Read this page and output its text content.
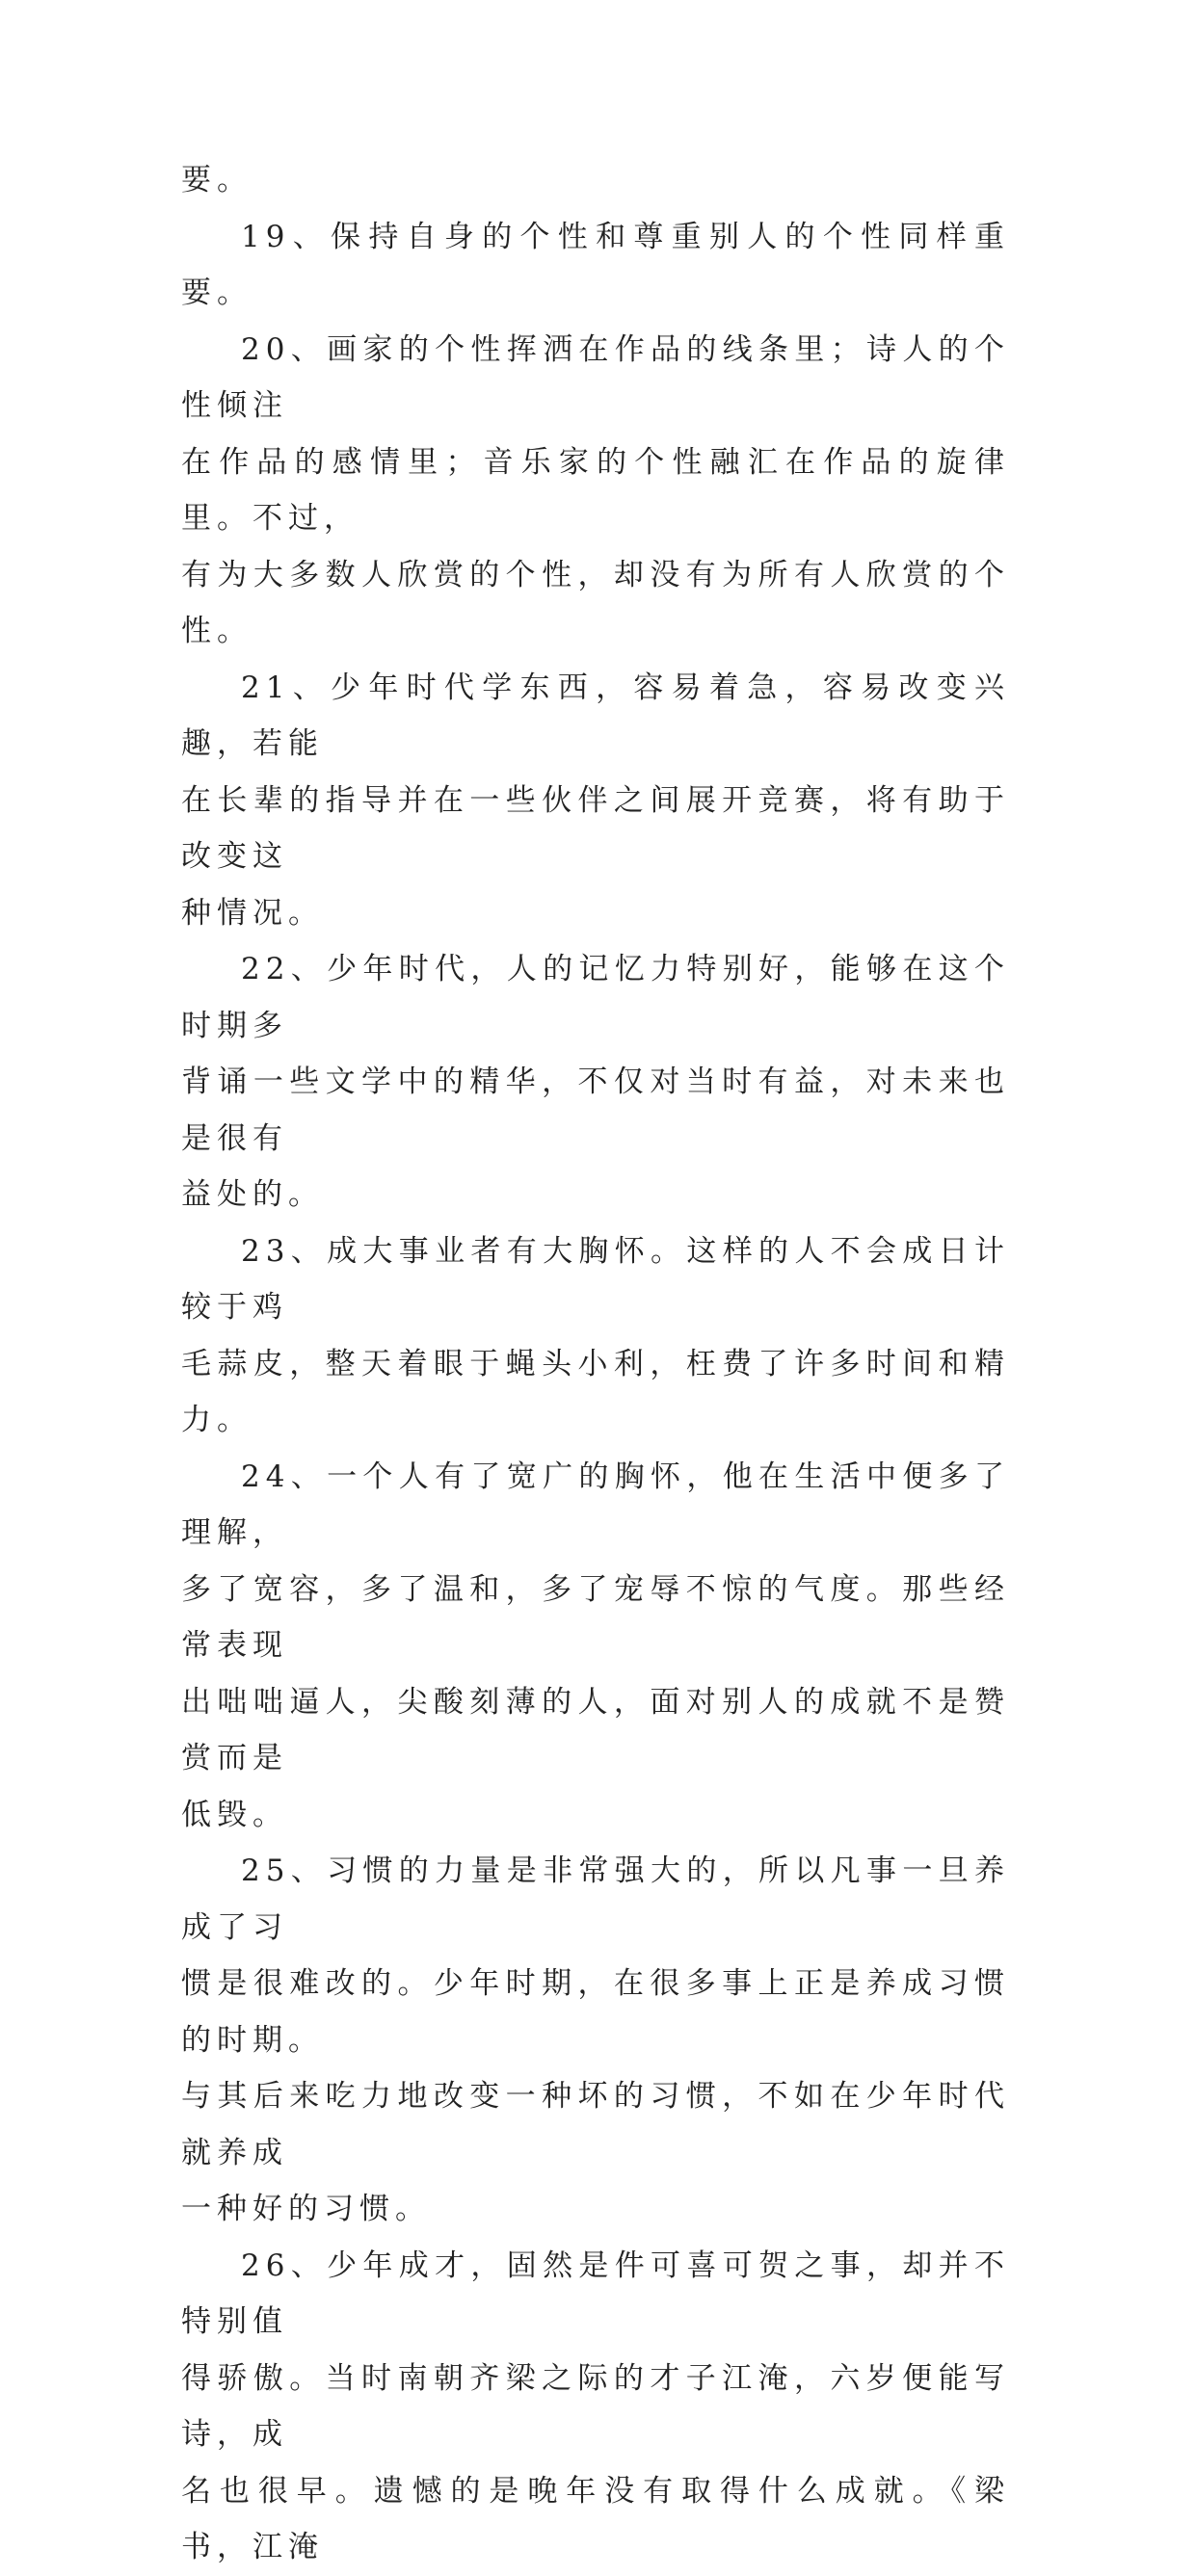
要。

19、保持自身的个性和尊重别人的个性同样重要。

20、画家的个性挥洒在作品的线条里；诗人的个性倾注
在作品的感情里；音乐家的个性融汇在作品的旋律里。不过，
有为大多数人欣赏的个性，却没有为所有人欣赏的个性。

21、少年时代学东西，容易着急，容易改变兴趣，若能
在长辈的指导并在一些伙伴之间展开竞赛，将有助于改变这
种情况。

22、少年时代，人的记忆力特别好，能够在这个时期多
背诵一些文学中的精华，不仅对当时有益，对未来也是很有
益处的。

23、成大事业者有大胸怀。这样的人不会成日计较于鸡
毛蒜皮，整天着眼于蝇头小利，枉费了许多时间和精力。

24、一个人有了宽广的胸怀，他在生活中便多了理解，
多了宽容，多了温和，多了宠辱不惊的气度。那些经常表现
出咄咄逼人，尖酸刻薄的人，面对别人的成就不是赞赏而是
低毁。

25、习惯的力量是非常强大的，所以凡事一旦养成了习
惯是很难改的。少年时期，在很多事上正是养成习惯的时期。
与其后来吃力地改变一种坏的习惯，不如在少年时代就养成
一种好的习惯。

26、少年成才，固然是件可喜可贺之事，却并不特别值
得骄傲。当时南朝齐梁之际的才子江淹，六岁便能写诗，成
名也很早。遗憾的是晚年没有取得什么成就。《梁书，江淹
